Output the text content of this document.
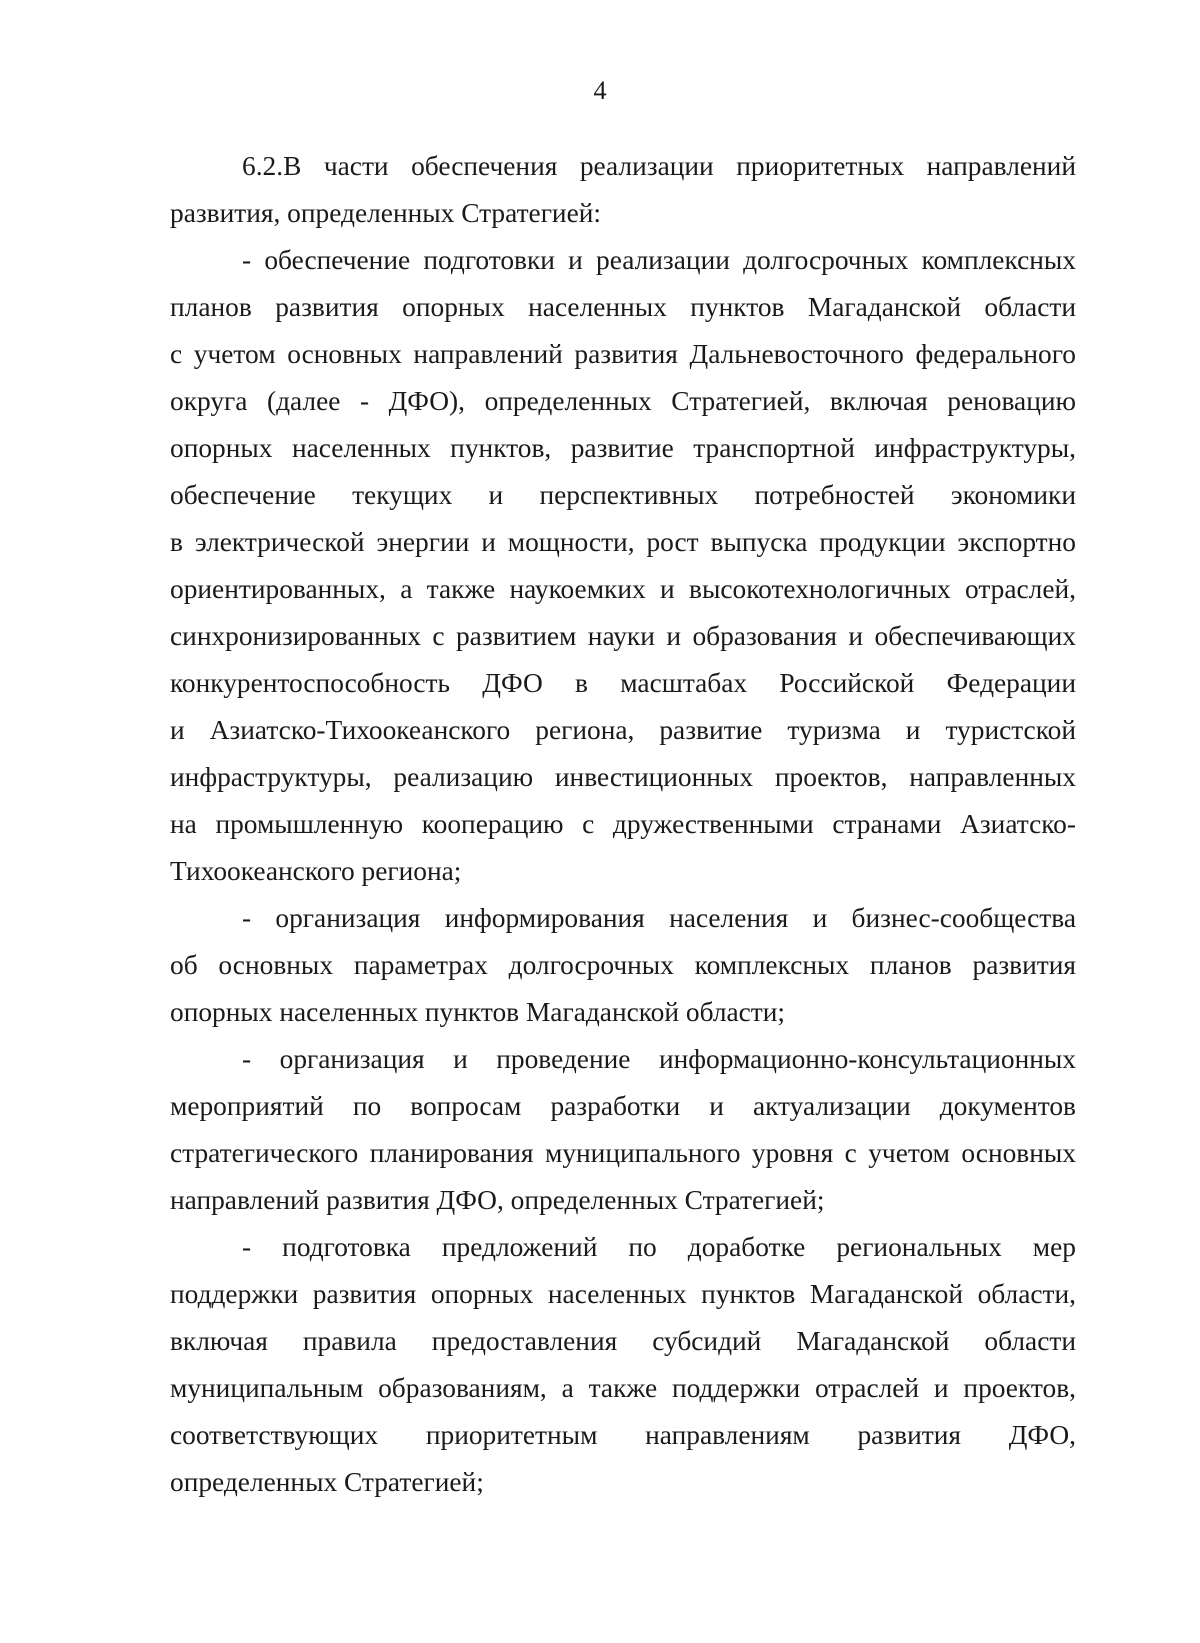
4
6.2.В части обеспечения реализации приоритетных направлений
развития, определенных Стратегией:
- обеспечение подготовки и реализации долгосрочных комплексных
планов развития опорных населенных пунктов Магаданской области
с учетом основных направлений развития Дальневосточного федерального
округа (далее - ДФО), определенных Стратегией, включая реновацию
опорных населенных пунктов, развитие транспортной инфраструктуры,
обеспечение текущих и перспективных потребностей экономики
в электрической энергии и мощности, рост выпуска продукции экспортно
ориентированных, а также наукоемких и высокотехнологичных отраслей,
синхронизированных с развитием науки и образования и обеспечивающих
конкурентоспособность ДФО в масштабах Российской Федерации
и Азиатско-Тихоокеанского региона, развитие туризма и туристской
инфраструктуры, реализацию инвестиционных проектов, направленных
на промышленную кооперацию с дружественными странами Азиатско-
Тихоокеанского региона;
- организация информирования населения и бизнес-сообщества
об основных параметрах долгосрочных комплексных планов развития
опорных населенных пунктов Магаданской области;
- организация и проведение информационно-консультационных
мероприятий по вопросам разработки и актуализации документов
стратегического планирования муниципального уровня с учетом основных
направлений развития ДФО, определенных Стратегией;
- подготовка предложений по доработке региональных мер
поддержки развития опорных населенных пунктов Магаданской области,
включая правила предоставления субсидий Магаданской области
муниципальным образованиям, а также поддержки отраслей и проектов,
соответствующих приоритетным направлениям развития ДФО,
определенных Стратегией;
